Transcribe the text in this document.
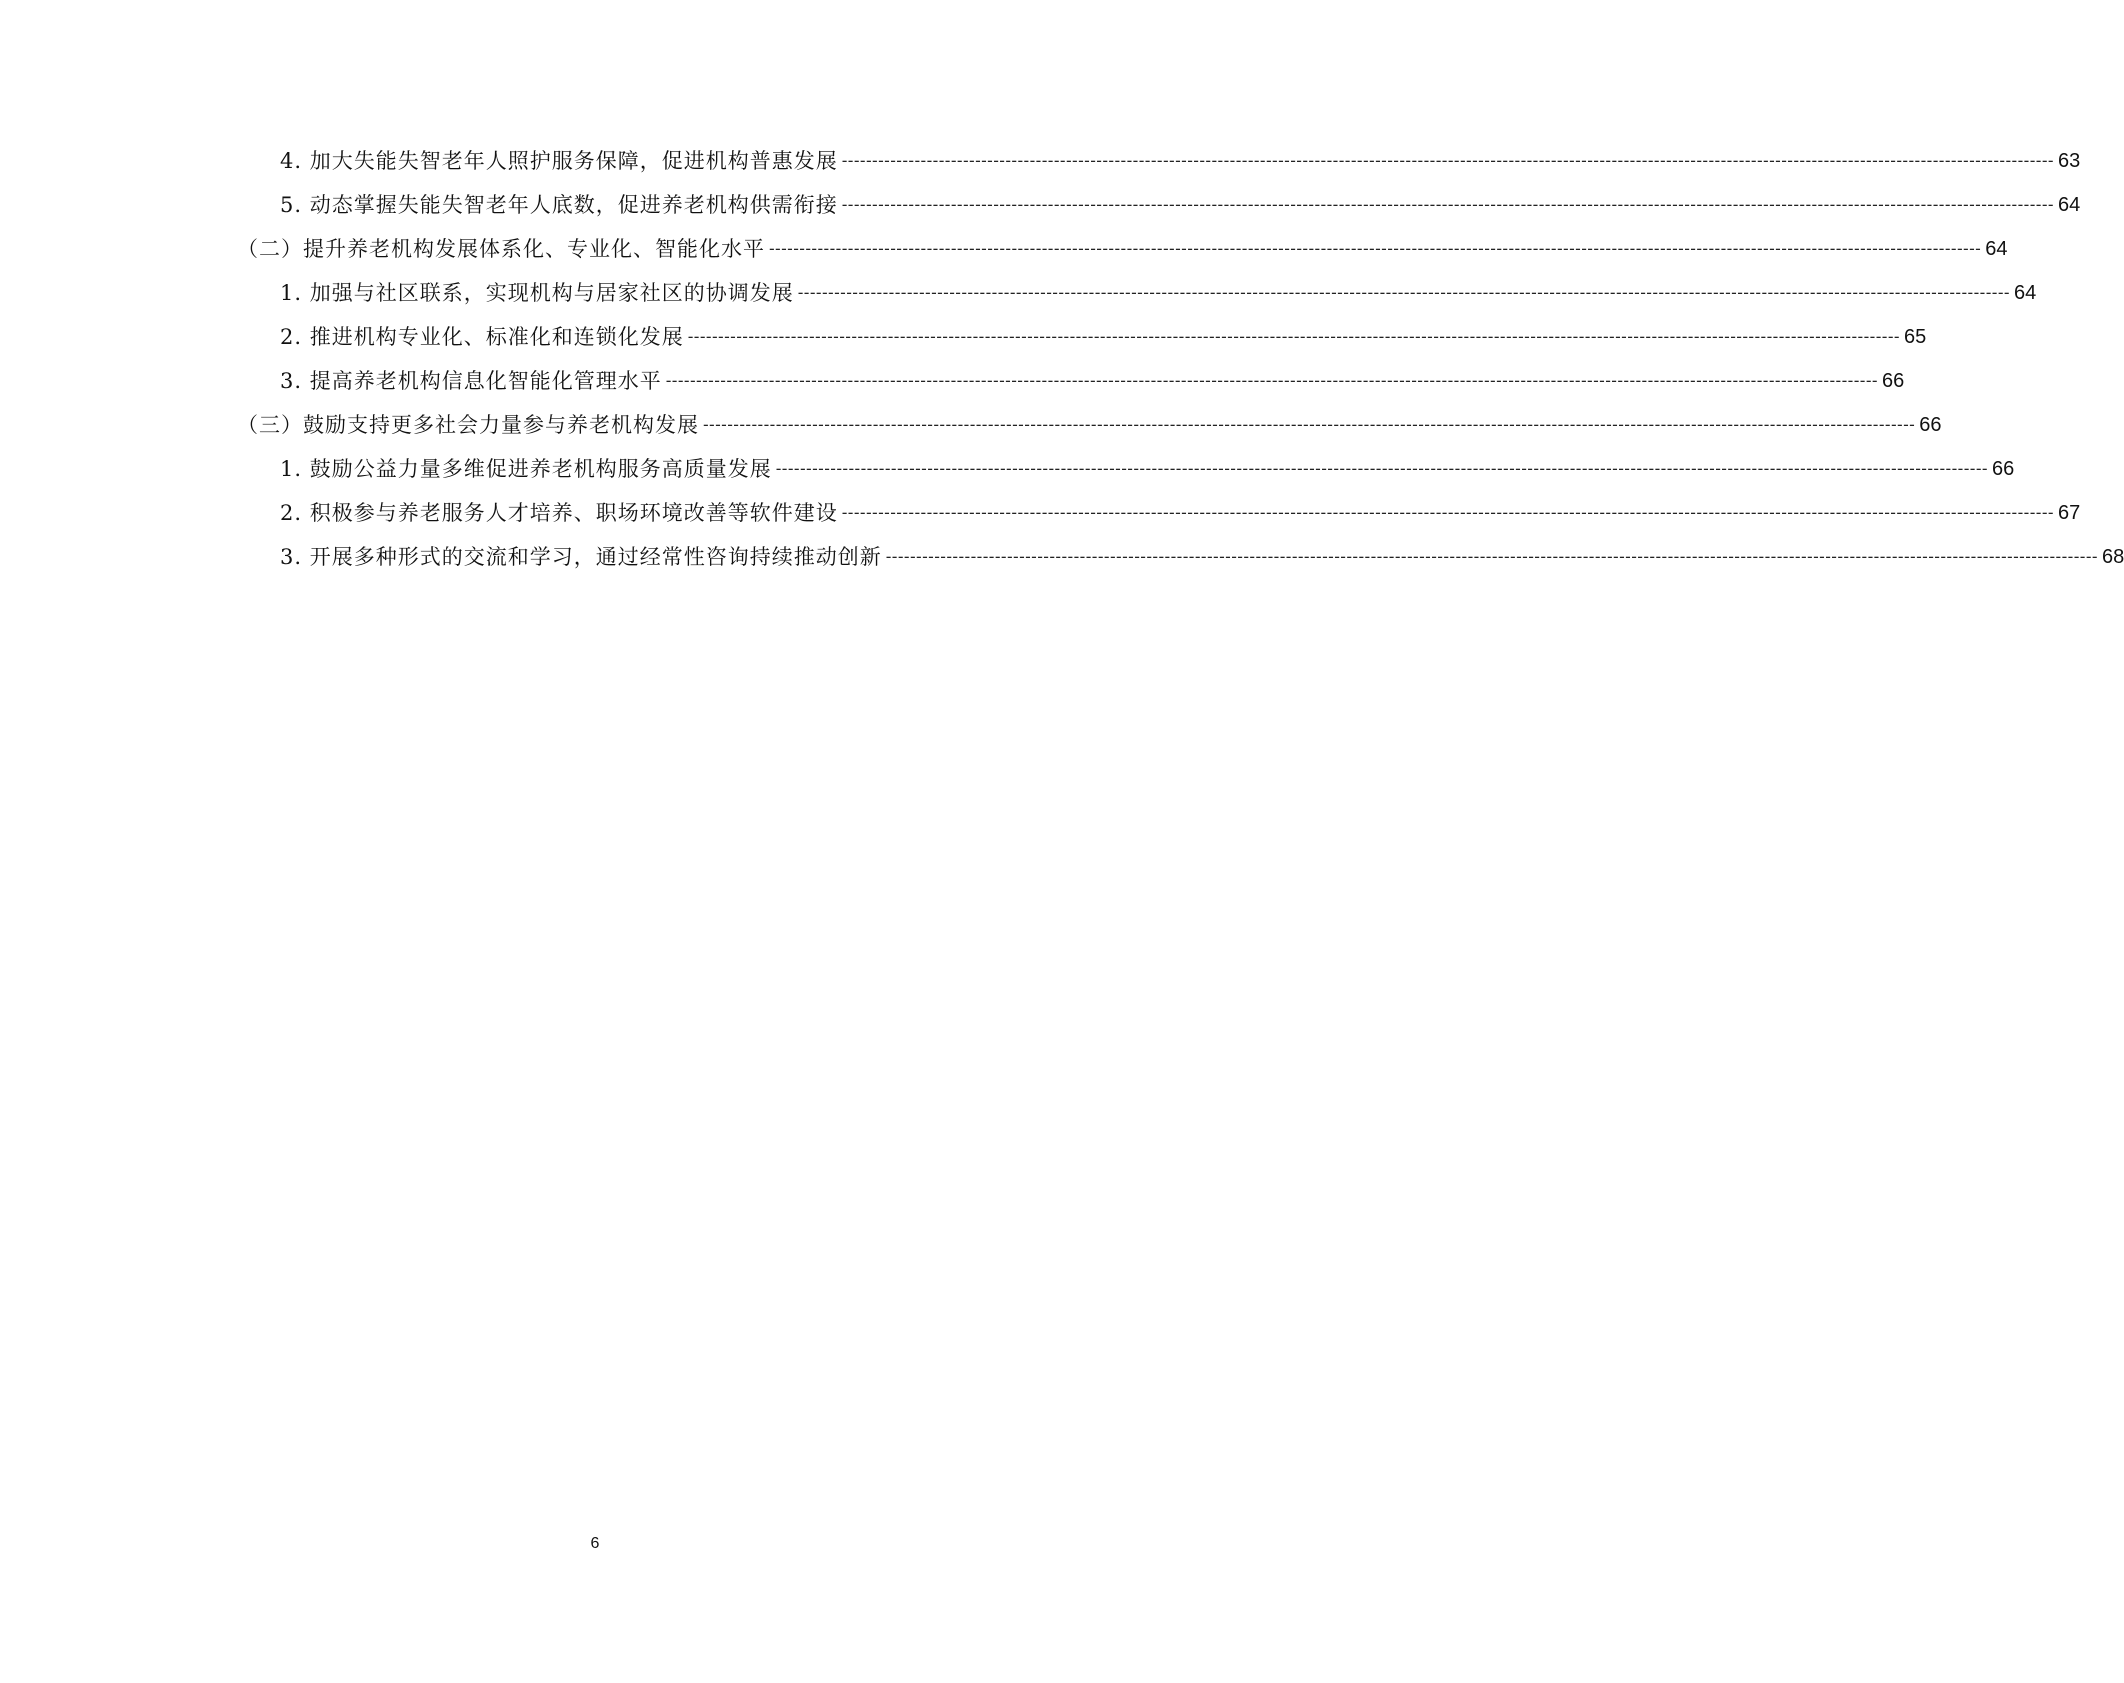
4. 加大失能失智老年人照护服务保障，促进机构普惠发展 -------------------------------------------------------------------------------------------------------------------------------------------------------------------------------------------------------- 63
5. 动态掌握失能失智老年人底数，促进养老机构供需衔接 -------------------------------------------------------------------------------------------------------------------------------------------------------------------------------------------------------- 64
（二）提升养老机构发展体系化、专业化、智能化水平 -------------------------------------------------------------------------------------------------------------------------------------------------------------------------------------------------------- 64
1. 加强与社区联系，实现机构与居家社区的协调发展 -------------------------------------------------------------------------------------------------------------------------------------------------------------------------------------------------------- 64
2. 推进机构专业化、标准化和连锁化发展 -------------------------------------------------------------------------------------------------------------------------------------------------------------------------------------------------------- 65
3. 提高养老机构信息化智能化管理水平 -------------------------------------------------------------------------------------------------------------------------------------------------------------------------------------------------------- 66
（三）鼓励支持更多社会力量参与养老机构发展 -------------------------------------------------------------------------------------------------------------------------------------------------------------------------------------------------------- 66
1. 鼓励公益力量多维促进养老机构服务高质量发展 -------------------------------------------------------------------------------------------------------------------------------------------------------------------------------------------------------- 66
2. 积极参与养老服务人才培养、职场环境改善等软件建设 -------------------------------------------------------------------------------------------------------------------------------------------------------------------------------------------------------- 67
3. 开展多种形式的交流和学习，通过经常性咨询持续推动创新 -------------------------------------------------------------------------------------------------------------------------------------------------------------------------------------------------------- 68
6
